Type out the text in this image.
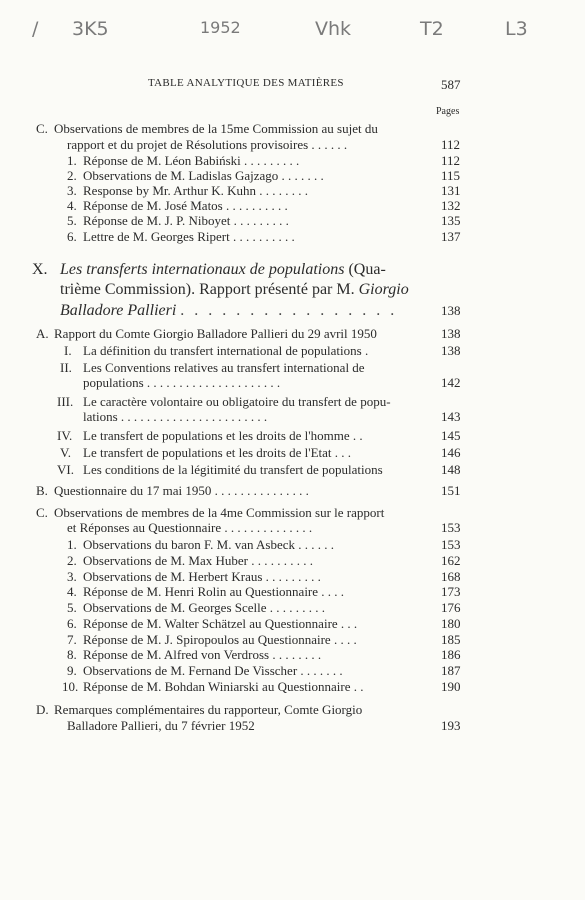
/ 3K5	1952	Vhk	T2	L3
TABLE ANALYTIQUE DES MATIÈRES	587
Pages
C. Observations de membres de la 15me Commission au sujet du
rapport et du projet de Résolutions provisoires . . . . . .	112
1. Réponse de M. Léon Babiński . . . . . . . . .	112
2. Observations de M. Ladislas Gajzago . . . . . . .	115
3. Response by Mr. Arthur K. Kuhn . . . . . . . .	131
4. Réponse de M. José Matos . . . . . . . . . .	132
5. Réponse de M. J. P. Niboyet . . . . . . . . .	135
6. Lettre de M. Georges Ripert . . . . . . . . . .	137
X. Les transferts internationaux de populations (Qua-
trième Commission). Rapport présenté par M. Giorgio
Balladore Pallieri . . . . . . . . . . . . . . . .	138
A. Rapport du Comte Giorgio Balladore Pallieri du 29 avril 1950	138
I. La définition du transfert international de populations .	138
II. Les Conventions relatives au transfert international de
populations . . . . . . . . . . . . . . . . . . . . .	142
III. Le caractère volontaire ou obligatoire du transfert de popu-
lations . . . . . . . . . . . . . . . . . . . . . . .	143
IV. Le transfert de populations et les droits de l'homme . .	145
V. Le transfert de populations et les droits de l'Etat . . .	146
VI. Les conditions de la légitimité du transfert de populations	148
B. Questionnaire du 17 mai 1950 . . . . . . . . . . . . . . .	151
C. Observations de membres de la 4me Commission sur le rapport
et Réponses au Questionnaire . . . . . . . . . . . . . .	153
1. Observations du baron F. M. van Asbeck . . . . . .	153
2. Observations de M. Max Huber . . . . . . . . . .	162
3. Observations de M. Herbert Kraus . . . . . . . . .	168
4. Réponse de M. Henri Rolin au Questionnaire . . . .	173
5. Observations de M. Georges Scelle . . . . . . . . .	176
6. Réponse de M. Walter Schätzel au Questionnaire . . .	180
7. Réponse de M. J. Spiropoulos au Questionnaire . . . .	185
8. Réponse de M. Alfred von Verdross . . . . . . . .	186
9. Observations de M. Fernand De Visscher . . . . . . .	187
10. Réponse de M. Bohdan Winiarski au Questionnaire . .	190
D. Remarques complémentaires du rapporteur, Comte Giorgio
Balladore Pallieri, du 7 février 1952	193
